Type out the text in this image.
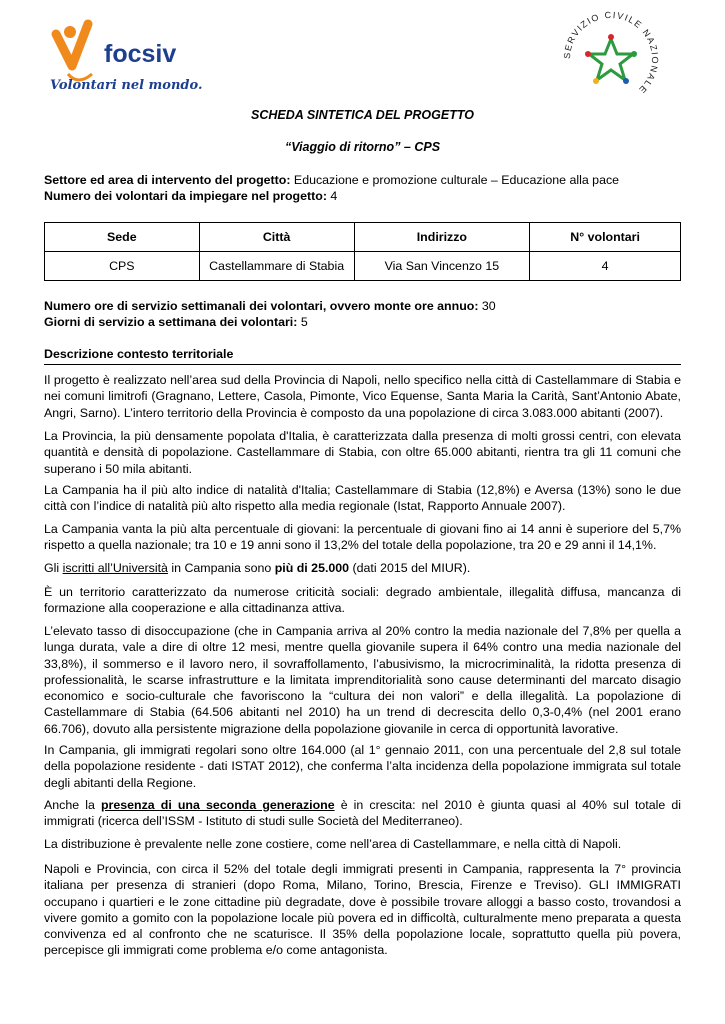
focsiv
Volontari nel mondo.
SERVIZIO CIVILE NAZIONALE
SCHEDA SINTETICA DEL PROGETTO
“Viaggio di ritorno” – CPS
Settore ed area di intervento del progetto: Educazione e promozione culturale – Educazione alla pace
Numero dei volontari da impiegare nel progetto: 4
Sede	Città	Indirizzo	N° volontari
CPS	Castellammare di Stabia	Via San Vincenzo 15	4
Numero ore di servizio settimanali dei volontari, ovvero monte ore annuo: 30
Giorni di servizio a settimana dei volontari: 5
Descrizione contesto territoriale
Il progetto è realizzato nell’area sud della Provincia di Napoli, nello specifico nella città di Castellammare di Stabia e nei comuni limitrofi (Gragnano, Lettere, Casola, Pimonte, Vico Equense, Santa Maria la Carità, Sant’Antonio Abate, Angri, Sarno). L’intero territorio della Provincia è composto da una popolazione di circa 3.083.000 abitanti (2007).
La Provincia, la più densamente popolata d'Italia, è caratterizzata dalla presenza di molti grossi centri, con elevata quantità e densità di popolazione. Castellammare di Stabia, con oltre 65.000 abitanti, rientra tra gli 11 comuni che superano i 50 mila abitanti.
La Campania ha il più alto indice di natalità d'Italia; Castellammare di Stabia (12,8%) e Aversa (13%) sono le due città con l’indice di natalità più alto rispetto alla media regionale (Istat, Rapporto Annuale 2007).
La Campania vanta la più alta percentuale di giovani: la percentuale di giovani fino ai 14 anni è superiore del 5,7% rispetto a quella nazionale; tra 10 e 19 anni sono il 13,2% del totale della popolazione, tra 20 e 29 anni il 14,1%.
Gli iscritti all’Università in Campania sono più di 25.000 (dati 2015 del MIUR).
È un territorio caratterizzato da numerose criticità sociali: degrado ambientale, illegalità diffusa, mancanza di formazione alla cooperazione e alla cittadinanza attiva.
L’elevato tasso di disoccupazione (che in Campania arriva al 20% contro la media nazionale del 7,8% per quella a lunga durata, vale a dire di oltre 12 mesi, mentre quella giovanile supera il 64% contro una media nazionale del 33,8%), il sommerso e il lavoro nero, il sovraffollamento, l’abusivismo, la microcriminalità, la ridotta presenza di professionalità, le scarse infrastrutture e la limitata imprenditorialità sono cause determinanti del marcato disagio economico e socio-culturale che favoriscono la “cultura dei non valori” e della illegalità. La popolazione di Castellammare di Stabia (64.506 abitanti nel 2010) ha un trend di decrescita dello 0,3-0,4% (nel 2001 erano 66.706), dovuto alla persistente migrazione della popolazione giovanile in cerca di opportunità lavorative.
In Campania, gli immigrati regolari sono oltre 164.000 (al 1° gennaio 2011, con una percentuale del 2,8 sul totale della popolazione residente - dati ISTAT 2012), che conferma l’alta incidenza della popolazione immigrata sul totale degli abitanti della Regione.
Anche la presenza di una seconda generazione è in crescita: nel 2010 è giunta quasi al 40% sul totale di immigrati (ricerca dell’ISSM - Istituto di studi sulle Società del Mediterraneo).
La distribuzione è prevalente nelle zone costiere, come nell’area di Castellammare, e nella città di Napoli.
Napoli e Provincia, con circa il 52% del totale degli immigrati presenti in Campania, rappresenta la 7° provincia italiana per presenza di stranieri (dopo Roma, Milano, Torino, Brescia, Firenze e Treviso). GLI IMMIGRATI occupano i quartieri e le zone cittadine più degradate, dove è possibile trovare alloggi a basso costo, trovandosi a vivere gomito a gomito con la popolazione locale più povera ed in difficoltà, culturalmente meno preparata a questa convivenza ed al confronto che ne scaturisce. Il 35% della popolazione locale, soprattutto quella più povera, percepisce gli immigrati come problema e/o come antagonista.
